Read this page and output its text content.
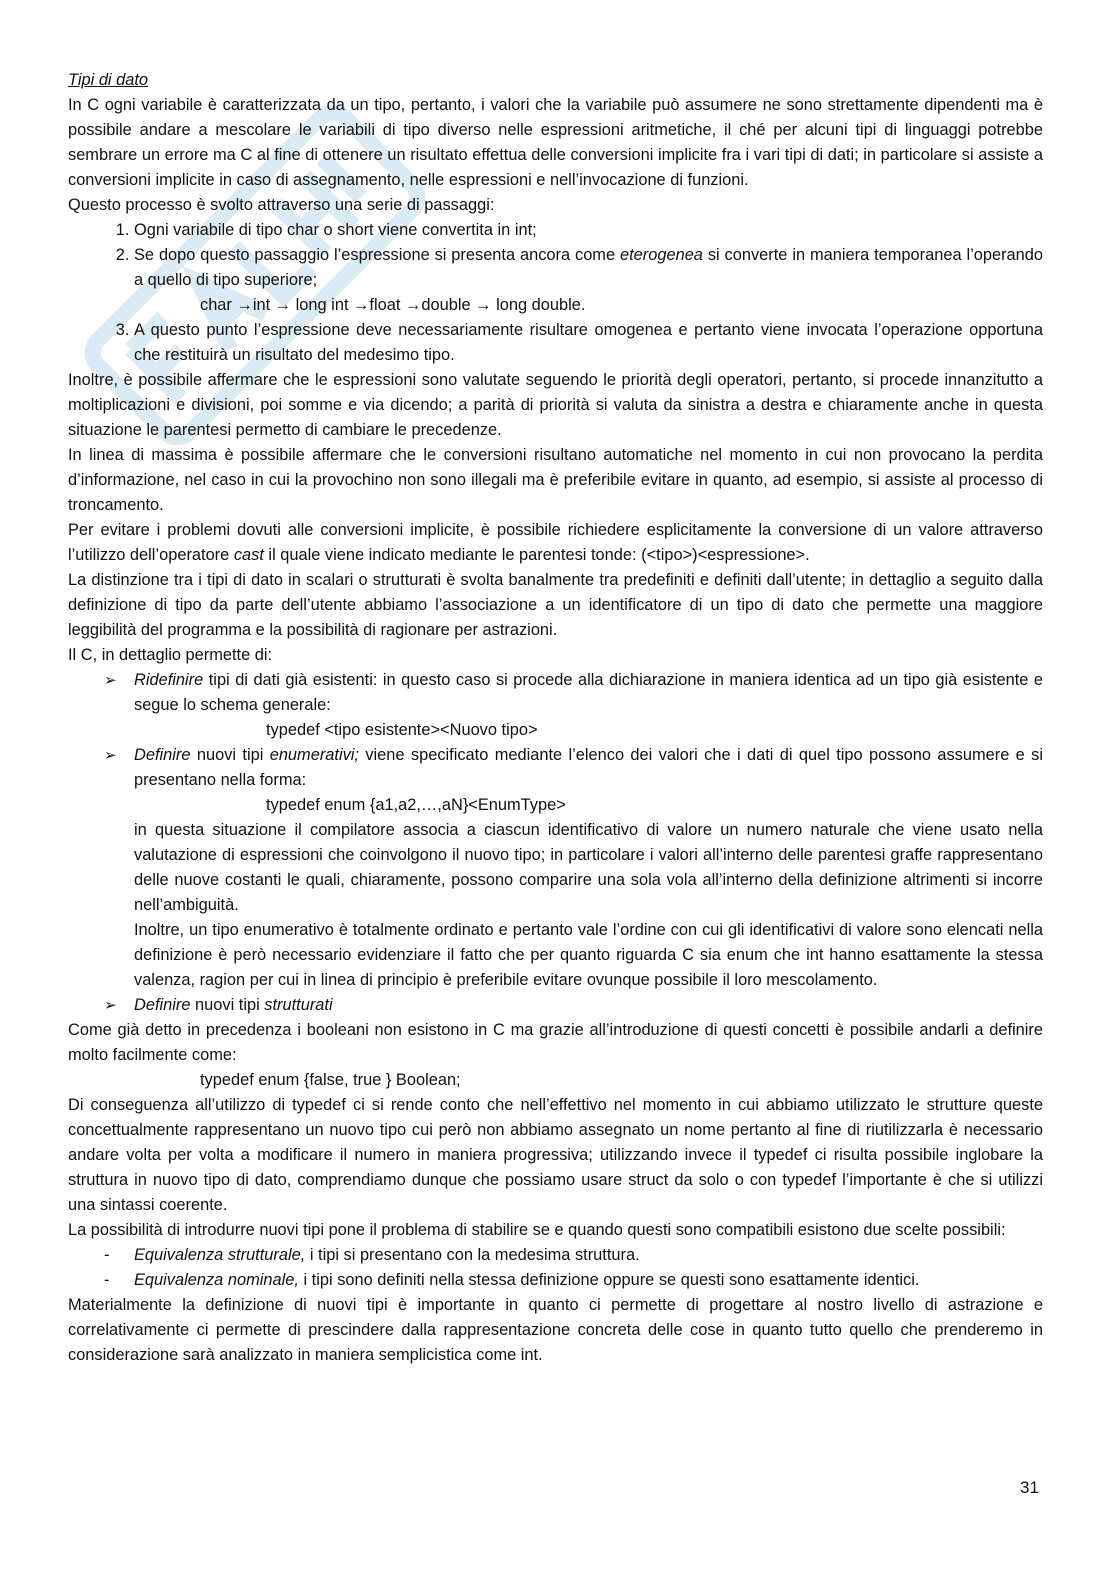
Tipi di dato

In C ogni variabile è caratterizzata da un tipo, pertanto, i valori che la variabile può assumere ne sono strettamente dipendenti ma è possibile andare a mescolare le variabili di tipo diverso nelle espressioni aritmetiche, il ché per alcuni tipi di linguaggi potrebbe sembrare un errore ma C al fine di ottenere un risultato effettua delle conversioni implicite fra i vari tipi di dati; in particolare si assiste a conversioni implicite in caso di assegnamento, nelle espressioni e nell’invocazione di funzioni.

Questo processo è svolto attraverso una serie di passaggi:

1. Ogni variabile di tipo char o short viene convertita in int;
2. Se dopo questo passaggio l’espressione si presenta ancora come eterogenea si converte in maniera temporanea l’operando a quello di tipo superiore;

char →int → long int →float →double → long double.

3. A questo punto l’espressione deve necessariamente risultare omogenea e pertanto viene invocata l’operazione opportuna che restituirà un risultato del medesimo tipo.

Inoltre, è possibile affermare che le espressioni sono valutate seguendo le priorità degli operatori, pertanto, si procede innanzitutto a moltiplicazioni e divisioni, poi somme e via dicendo; a parità di priorità si valuta da sinistra a destra e chiaramente anche in questa situazione le parentesi permetto di cambiare le precedenze.

In linea di massima è possibile affermare che le conversioni risultano automatiche nel momento in cui non provocano la perdita d’informazione, nel caso in cui la provochino non sono illegali ma è preferibile evitare in quanto, ad esempio, si assiste al processo di troncamento.

Per evitare i problemi dovuti alle conversioni implicite, è possibile richiedere esplicitamente la conversione di un valore attraverso l’utilizzo dell’operatore cast il quale viene indicato mediante le parentesi tonde: (<tipo>)<espressione>.

La distinzione tra i tipi di dato in scalari o strutturati è svolta banalmente tra predefiniti e definiti dall’utente; in dettaglio a seguito dalla definizione di tipo da parte dell’utente abbiamo l’associazione a un identificatore di un tipo di dato che permette una maggiore leggibilità del programma e la possibilità di ragionare per astrazioni.

Il C, in dettaglio permette di:

➢ Ridefinire tipi di dati già esistenti: in questo caso si procede alla dichiarazione in maniera identica ad un tipo già esistente e segue lo schema generale:
typedef <tipo esistente><Nuovo tipo>
➢ Definire nuovi tipi enumerativi; viene specificato mediante l’elenco dei valori che i dati di quel tipo possono assumere e si presentano nella forma:
typedef enum {a1,a2,…,aN}<EnumType>

in questa situazione il compilatore associa a ciascun identificativo di valore un numero naturale che viene usato nella valutazione di espressioni che coinvolgono il nuovo tipo; in particolare i valori all’interno delle parentesi graffe rappresentano delle nuove costanti le quali, chiaramente, possono comparire una sola vola all’interno della definizione altrimenti si incorre nell’ambiguità.

Inoltre, un tipo enumerativo è totalmente ordinato e pertanto vale l’ordine con cui gli identificativi di valore sono elencati nella definizione è però necessario evidenziare il fatto che per quanto riguarda C sia enum che int hanno esattamente la stessa valenza, ragion per cui in linea di principio è preferibile evitare ovunque possibile il loro mescolamento.

➢ Definire nuovi tipi strutturati

Come già detto in precedenza i booleani non esistono in C ma grazie all’introduzione di questi concetti è possibile andarli a definire molto facilmente come:

typedef enum {false, true } Boolean;

Di conseguenza all’utilizzo di typedef ci si rende conto che nell’effettivo nel momento in cui abbiamo utilizzato le strutture queste concettualmente rappresentano un nuovo tipo cui però non abbiamo assegnato un nome pertanto al fine di riutilizzarla è necessario andare volta per volta a modificare il numero in maniera progressiva; utilizzando invece il typedef ci risulta possibile inglobare la struttura in nuovo tipo di dato, comprendiamo dunque che possiamo usare struct da solo o con typedef l’importante è che si utilizzi una sintassi coerente.

La possibilità di introdurre nuovi tipi pone il problema di stabilire se e quando questi sono compatibili esistono due scelte possibili:

- Equivalenza strutturale, i tipi si presentano con la medesima struttura.
- Equivalenza nominale, i tipi sono definiti nella stessa definizione oppure se questi sono esattamente identici.

Materialmente la definizione di nuovi tipi è importante in quanto ci permette di progettare al nostro livello di astrazione e correlativamente ci permette di prescindere dalla rappresentazione concreta delle cose in quanto tutto quello che prenderemo in considerazione sarà analizzato in maniera semplicistica come int.

31
